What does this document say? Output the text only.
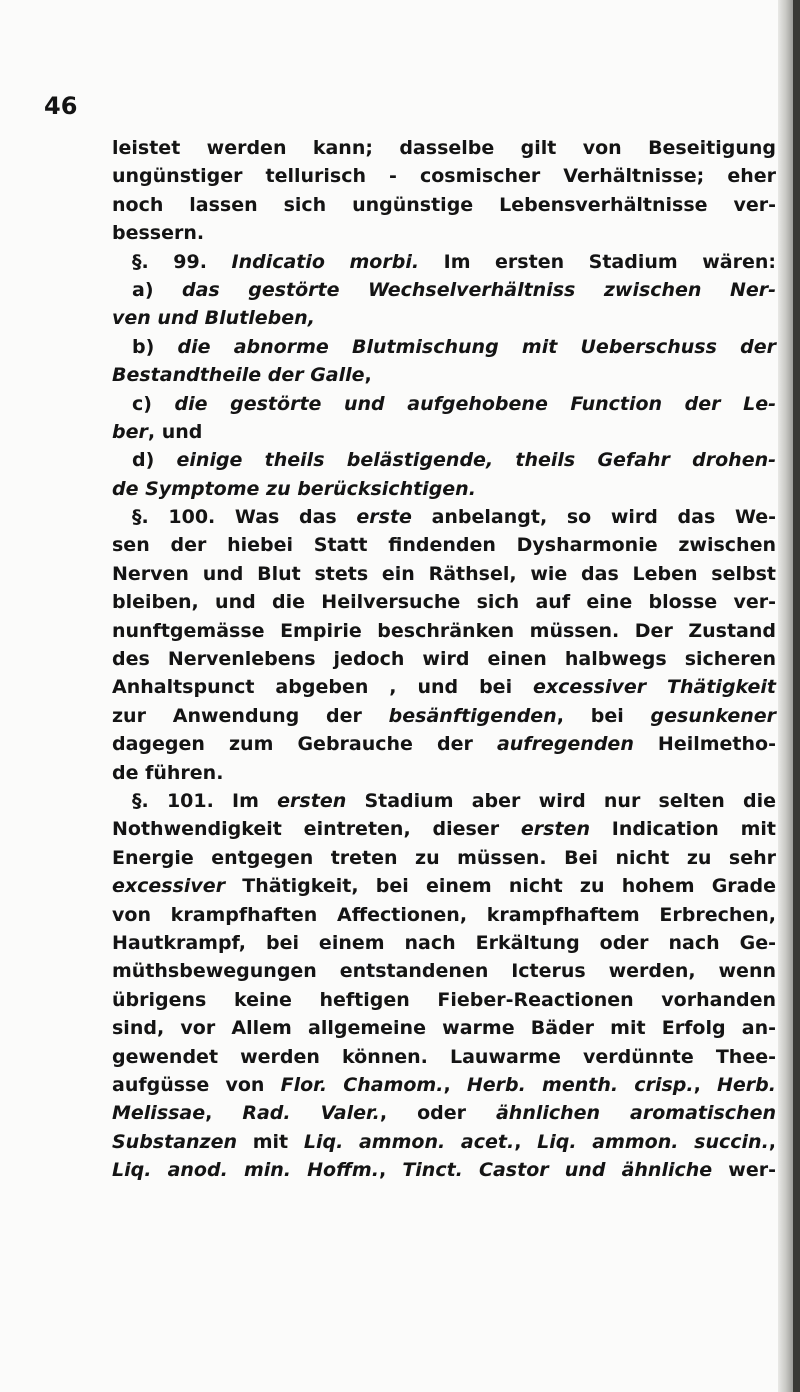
46
leistet werden kann; dasselbe gilt von Beseitigung
ungünstiger tellurisch - cosmischer Verhältnisse; eher
noch lassen sich ungünstige Lebensverhältnisse ver-
bessern.
§. 99. Indicatio morbi. Im ersten Stadium wären:
a) das gestörte Wechselverhältniss zwischen Ner-
ven und Blutleben,
b) die abnorme Blutmischung mit Ueberschuss der
Bestandtheile der Galle,
c) die gestörte und aufgehobene Function der Le-
ber, und
d) einige theils belästigende, theils Gefahr drohen-
de Symptome zu berücksichtigen.
§. 100. Was das erste anbelangt, so wird das We-
sen der hiebei Statt findenden Dysharmonie zwischen
Nerven und Blut stets ein Räthsel, wie das Leben selbst
bleiben, und die Heilversuche sich auf eine blosse ver-
nunftgemässe Empirie beschränken müssen. Der Zustand
des Nervenlebens jedoch wird einen halbwegs sicheren
Anhaltspunct abgeben , und bei excessiver Thätigkeit
zur Anwendung der besänftigenden, bei gesunkener
dagegen zum Gebrauche der aufregenden Heilmetho-
de führen.
§. 101. Im ersten Stadium aber wird nur selten die
Nothwendigkeit eintreten, dieser ersten Indication mit
Energie entgegen treten zu müssen. Bei nicht zu sehr
excessiver Thätigkeit, bei einem nicht zu hohem Grade
von krampfhaften Affectionen, krampfhaftem Erbrechen,
Hautkrampf, bei einem nach Erkältung oder nach Ge-
müthsbewegungen entstandenen Icterus werden, wenn
übrigens keine heftigen Fieber-Reactionen vorhanden
sind, vor Allem allgemeine warme Bäder mit Erfolg an-
gewendet werden können. Lauwarme verdünnte Thee-
aufgüsse von Flor. Chamom., Herb. menth. crisp., Herb.
Melissae, Rad. Valer., oder ähnlichen aromatischen
Substanzen mit Liq. ammon. acet., Liq. ammon. succin.,
Liq. anod. min. Hoffm., Tinct. Castor und ähnliche wer-
